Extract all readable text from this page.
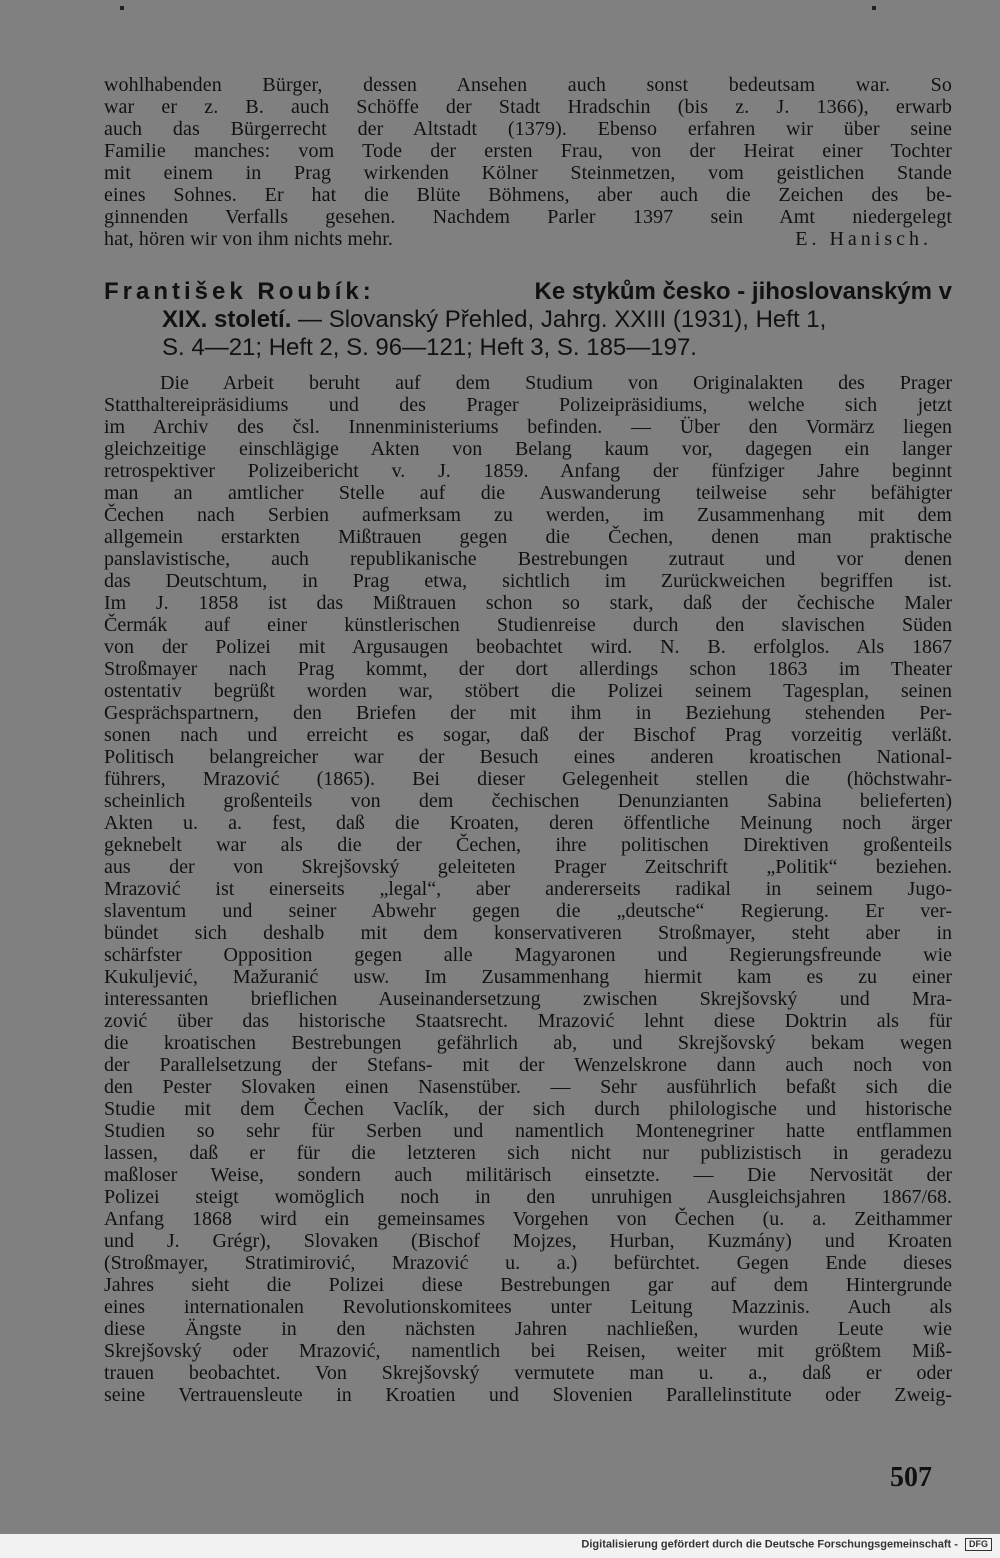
wohlhabenden Bürger, dessen Ansehen auch sonst bedeutsam war. So
war er z. B. auch Schöffe der Stadt Hradschin (bis z. J. 1366), erwarb
auch das Bürgerrecht der Altstadt (1379). Ebenso erfahren wir über seine
Familie manches: vom Tode der ersten Frau, von der Heirat einer Tochter
mit einem in Prag wirkenden Kölner Steinmetzen, vom geistlichen Stande
eines Sohnes. Er hat die Blüte Böhmens, aber auch die Zeichen des be-
ginnenden Verfalls gesehen. Nachdem Parler 1397 sein Amt niedergelegt
hat, hören wir von ihm nichts mehr.	E. Hanisch.
František Roubík:	Ke stykům česko - jihoslovanským v
XIX. století. — Slovanský Přehled, Jahrg. XXIII (1931), Heft 1,
S. 4—21; Heft 2, S. 96—121; Heft 3, S. 185—197.
Die Arbeit beruht auf dem Studium von Originalakten des Prager
Statthaltereipräsidiums und des Prager Polizeipräsidiums, welche sich jetzt
im Archiv des čsl. Innenministeriums befinden. — Über den Vormärz liegen
gleichzeitige einschlägige Akten von Belang kaum vor, dagegen ein langer
retrospektiver Polizeibericht v. J. 1859. Anfang der fünfziger Jahre beginnt
man an amtlicher Stelle auf die Auswanderung teilweise sehr befähigter
Čechen nach Serbien aufmerksam zu werden, im Zusammenhang mit dem
allgemein erstarkten Mißtrauen gegen die Čechen, denen man praktische
panslavistische, auch republikanische Bestrebungen zutraut und vor denen
das Deutschtum, in Prag etwa, sichtlich im Zurückweichen begriffen ist.
Im J. 1858 ist das Mißtrauen schon so stark, daß der čechische Maler
Čermák auf einer künstlerischen Studienreise durch den slavischen Süden
von der Polizei mit Argusaugen beobachtet wird. N. B. erfolglos. Als 1867
Stroßmayer nach Prag kommt, der dort allerdings schon 1863 im Theater
ostentativ begrüßt worden war, stöbert die Polizei seinem Tagesplan, seinen
Gesprächspartnern, den Briefen der mit ihm in Beziehung stehenden Per-
sonen nach und erreicht es sogar, daß der Bischof Prag vorzeitig verläßt.
Politisch belangreicher war der Besuch eines anderen kroatischen National-
führers, Mrazović (1865). Bei dieser Gelegenheit stellen die (höchstwahr-
scheinlich großenteils von dem čechischen Denunzianten Sabina belieferten)
Akten u. a. fest, daß die Kroaten, deren öffentliche Meinung noch ärger
geknebelt war als die der Čechen, ihre politischen Direktiven großenteils
aus der von Skrejšovský geleiteten Prager Zeitschrift „Politik“ beziehen.
Mrazović ist einerseits „legal“, aber andererseits radikal in seinem Jugo-
slaventum und seiner Abwehr gegen die „deutsche“ Regierung. Er ver-
bündet sich deshalb mit dem konservativeren Stroßmayer, steht aber in
schärfster Opposition gegen alle Magyaronen und Regierungsfreunde wie
Kukuljević, Mažuranić usw. Im Zusammenhang hiermit kam es zu einer
interessanten brieflichen Auseinandersetzung zwischen Skrejšovský und Mra-
zović über das historische Staatsrecht. Mrazović lehnt diese Doktrin als für
die kroatischen Bestrebungen gefährlich ab, und Skrejšovský bekam wegen
der Parallelsetzung der Stefans- mit der Wenzelskrone dann auch noch von
den Pester Slovaken einen Nasenstüber. — Sehr ausführlich befaßt sich die
Studie mit dem Čechen Vaclík, der sich durch philologische und historische
Studien so sehr für Serben und namentlich Montenegriner hatte entflammen
lassen, daß er für die letzteren sich nicht nur publizistisch in geradezu
maßloser Weise, sondern auch militärisch einsetzte. — Die Nervosität der
Polizei steigt womöglich noch in den unruhigen Ausgleichsjahren 1867/68.
Anfang 1868 wird ein gemeinsames Vorgehen von Čechen (u. a. Zeithammer
und J. Grégr), Slovaken (Bischof Mojzes, Hurban, Kuzmány) und Kroaten
(Stroßmayer, Stratimirović, Mrazović u. a.) befürchtet. Gegen Ende dieses
Jahres sieht die Polizei diese Bestrebungen gar auf dem Hintergrunde
eines internationalen Revolutionskomitees unter Leitung Mazzinis. Auch als
diese Ängste in den nächsten Jahren nachließen, wurden Leute wie
Skrejšovský oder Mrazović, namentlich bei Reisen, weiter mit größtem Miß-
trauen beobachtet. Von Skrejšovský vermutete man u. a., daß er oder
seine Vertrauensleute in Kroatien und Slovenien Parallelinstitute oder Zweig-
507
Digitalisierung gefördert durch die Deutsche Forschungsgemeinschaft - DFG
